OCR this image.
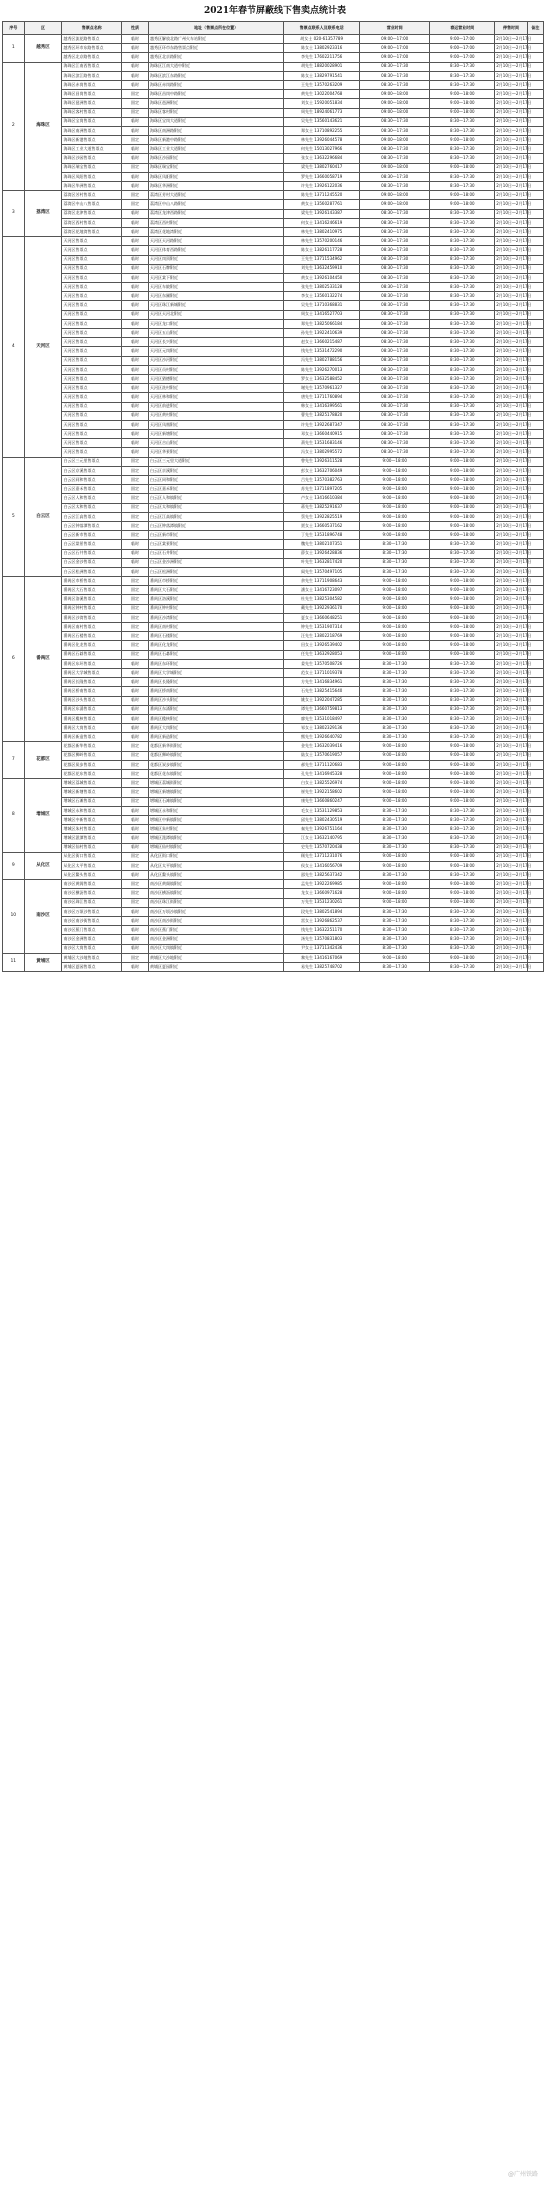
2021年春节屏蔽线下售卖点统计表
序号	区	售票点名称	性质	地址（售票点所在位置）	售票点联系人及联系电话	营业时间	春运营业时间	停售时间	备注
1	越秀区	越秀区流花路售票点	临时	越秀区解放北路广州火车站附近	胡女士 020-61357789	09:00—17:00	9:00—17:00	2月10日—2月17日	
		越秀区环市东路售票点	临时	越秀区环市东路售票点附近	陈女士 13802923316	09:00—17:00	9:00—17:00	2月10日—2月17日	
		越秀区北京路售票点	临时	越秀区北京路附近	李先生 17602211756	09:00—17:00	9:00—17:00	2月10日—2月17日	
2	海珠区	海珠区江南西售票点	临时	海珠区江南大道中附近	胡先生 18820028901	08:30—17:30	8:30—17:30	2月10日—2月17日	
		海珠区滨江路售票点	临时	海珠区滨江东路附近	陈女士 13829791541	08:30—17:30	8:30—17:30	2月10日—2月17日	
		海珠区赤岗售票点	临时	海珠区赤岗路附近	王先生 13570263209	08:30—17:30	8:30—17:30	2月10日—2月17日	
		海珠区昌岗售票点	固定	海珠区昌岗中路附近	黄先生 13022004768	09:00—18:00	9:00—18:00	2月10日—2月17日	
		海珠区琶洲售票点	固定	海珠区琶洲附近	刘女士 15920051834	09:00—18:00	9:00—18:00	2月10日—2月17日	
		海珠区客村售票点	固定	海珠区客村附近	周先生 18924061773	09:00—18:00	9:00—18:00	2月10日—2月17日	
		海珠区宝岗售票点	临时	海珠区宝岗大道附近	吴先生 13560143621	08:30—17:30	8:30—17:30	2月10日—2月17日	
		海珠区南洲售票点	临时	海珠区南洲路附近	郑女士 13710892255	08:30—17:30	8:30—17:30	2月10日—2月17日	
		海珠区新港售票点	固定	海珠区新港中路附近	林先生 13926044578	09:00—18:00	9:00—18:00	2月10日—2月17日	
		海珠区工业大道售票点	临时	海珠区工业大道附近	何先生 15013027966	08:30—17:30	8:30—17:30	2月10日—2月17日	
		海珠区沙园售票点	临时	海珠区沙园附近	张女士 13632296684	08:30—17:30	8:30—17:30	2月10日—2月17日	
		海珠区瑞宝售票点	固定	海珠区瑞宝附近	梁先生 13802760417	09:00—18:00	9:00—18:00	2月10日—2月17日	
		海珠区凤阳售票点	临时	海珠区凤阳附近	罗先生 13660058719	08:30—17:30	8:30—17:30	2月10日—2月17日	
		海珠区华洲售票点	临时	海珠区华洲附近	许先生 13926122036	08:30—17:30	8:30—17:30	2月10日—2月17日	
3	荔湾区	荔湾区芳村售票点	固定	荔湾区芳村大道附近	陈先生 13711245520	09:00—18:00	9:00—18:00	2月10日—2月17日	
		荔湾区中山八售票点	固定	荔湾区中山八路附近	黄女士 13560287761	09:00—18:00	9:00—18:00	2月10日—2月17日	
		荔湾区龙津售票点	临时	荔湾区龙津西路附近	梁先生 13926143387	08:30—17:30	8:30—17:30	2月10日—2月17日	
		荔湾区西村售票点	临时	荔湾区西村附近	何女士 13416246619	08:30—17:30	8:30—17:30	2月10日—2月17日	
		荔湾区花地湾售票点	临时	荔湾区花地湾附近	林先生 13802410975	08:30—17:30	8:30—17:30	2月10日—2月17日	
4	天河区	天河区售票点	临时	天河区天河路附近	林先生 13570200146	08:30—17:30	8:30—17:30	2月10日—2月17日	
		天河区售票点	临时	天河区体育西路附近	陈女士 13826117728	08:30—17:30	8:30—17:30	2月10日—2月17日	
		天河区售票点	临时	天河区岗顶附近	王先生 13711534962	08:30—17:30	8:30—17:30	2月10日—2月17日	
		天河区售票点	临时	天河区石牌附近	刘先生 13632459910	08:30—17:30	8:30—17:30	2月10日—2月17日	
		天河区售票点	临时	天河区棠下附近	黄女士 13926104450	08:30—17:30	8:30—17:30	2月10日—2月17日	
		天河区售票点	临时	天河区车陂附近	张先生 13802533128	08:30—17:30	8:30—17:30	2月10日—2月17日	
		天河区售票点	临时	天河区东圃附近	李女士 13560132274	08:30—17:30	8:30—17:30	2月10日—2月17日	
		天河区售票点	临时	天河区珠江新城附近	吴先生 13710368831	08:30—17:30	8:30—17:30	2月10日—2月17日	
		天河区售票点	临时	天河区天河北附近	周女士 13416527703	08:30—17:30	8:30—17:30	2月10日—2月17日	
		天河区售票点	临时	天河区龙口附近	郑先生 13825066184	08:30—17:30	8:30—17:30	2月10日—2月17日	
		天河区售票点	临时	天河区五山附近	孙先生 13922410639	08:30—17:30	8:30—17:30	2月10日—2月17日	
		天河区售票点	临时	天河区长兴附近	赵女士 13660215487	08:30—17:30	8:30—17:30	2月10日—2月17日	
		天河区售票点	临时	天河区元岗附近	钱先生 13531472290	08:30—17:30	8:30—17:30	2月10日—2月17日	
		天河区售票点	临时	天河区沙河附近	冯先生 13802788156	08:30—17:30	8:30—17:30	2月10日—2月17日	
		天河区售票点	临时	天河区员村附近	陈先生 13926270013	08:30—17:30	8:30—17:30	2月10日—2月17日	
		天河区售票点	临时	天河区猎德附近	罗女士 13632588452	08:30—17:30	8:30—17:30	2月10日—2月17日	
		天河区售票点	临时	天河区冼村附近	谢先生 13570961327	08:30—17:30	8:30—17:30	2月10日—2月17日	
		天河区售票点	临时	天河区林和附近	唐先生 13711760894	08:30—17:30	8:30—17:30	2月10日—2月17日	
		天河区售票点	临时	天河区前进附近	韩女士 13416399561	08:30—17:30	8:30—17:30	2月10日—2月17日	
		天河区售票点	临时	天河区黄村附近	曹先生 13825178820	08:30—17:30	8:30—17:30	2月10日—2月17日	
		天河区售票点	临时	天河区凤凰附近	许先生 13922687347	08:30—17:30	8:30—17:30	2月10日—2月17日	
		天河区售票点	临时	天河区新塘附近	邓女士 13660440915	08:30—17:30	8:30—17:30	2月10日—2月17日	
		天河区售票点	临时	天河区吉山附近	萧先生 13531683146	08:30—17:30	8:30—17:30	2月10日—2月17日	
		天河区售票点	临时	天河区华景附近	冯女士 13802995572	08:30—17:30	8:30—17:30	2月10日—2月17日	
5	白云区	白云区三元里售票点	固定	白云区三元里大道附近	曾先生 13926311528	9:00—18:00	9:00—18:00	2月10日—2月17日	
		白云区京溪售票点	固定	白云区京溪附近	彭女士 13632706049	9:00—18:00	9:00—18:00	2月10日—2月17日	
		白云区同和售票点	固定	白云区同和附近	吕先生 13570382763	9:00—18:00	9:00—18:00	2月10日—2月17日	
		白云区嘉禾售票点	固定	白云区嘉禾附近	苏先生 13711897205	9:00—18:00	9:00—18:00	2月10日—2月17日	
		白云区人和售票点	固定	白云区人和镇附近	卢女士 13416610384	9:00—18:00	9:00—18:00	2月10日—2月17日	
		白云区太和售票点	固定	白云区太和镇附近	蒋先生 13825291637	9:00—18:00	9:00—18:00	2月10日—2月17日	
		白云区江高售票点	固定	白云区江高镇附近	蔡先生 13922825519	9:00—18:00	9:00—18:00	2月10日—2月17日	
		白云区钟落潭售票点	固定	白云区钟落潭镇附近	贾女士 13660537162	9:00—18:00	9:00—18:00	2月10日—2月17日	
		白云区新市售票点	固定	白云区新市附近	丁先生 13531896748	9:00—18:00	9:00—18:00	2月10日—2月17日	
		白云区棠景售票点	临时	白云区棠景附近	魏先生 13802107351	8:30—17:30	8:30—17:30	2月10日—2月17日	
		白云区石井售票点	临时	白云区石井附近	薛女士 13926428836	8:30—17:30	8:30—17:30	2月10日—2月17日	
		白云区金沙售票点	临时	白云区金沙洲附近	叶先生 13632817420	8:30—17:30	8:30—17:30	2月10日—2月17日	
		白云区松洲售票点	临时	白云区松洲附近	阎先生 13570497105	8:30—17:30	8:30—17:30	2月10日—2月17日	
6	番禺区	番禺区市桥售票点	固定	番禺区市桥附近	余先生 13711908643	9:00—18:00	9:00—18:00	2月10日—2月17日	
		番禺区大石售票点	固定	番禺区大石附近	潘女士 13416723097	9:00—18:00	9:00—18:00	2月10日—2月17日	
		番禺区洛溪售票点	固定	番禺区洛溪附近	杜先生 13825304582	9:00—18:00	9:00—18:00	2月10日—2月17日	
		番禺区钟村售票点	固定	番禺区钟村附近	戴先生 13922936170	9:00—18:00	9:00—18:00	2月10日—2月17日	
		番禺区沙湾售票点	固定	番禺区沙湾附近	夏女士 13660648251	9:00—18:00	9:00—18:00	2月10日—2月17日	
		番禺区南村售票点	固定	番禺区南村附近	钟先生 13531907314	9:00—18:00	9:00—18:00	2月10日—2月17日	
		番禺区石楼售票点	固定	番禺区石楼附近	汪先生 13802218769	9:00—18:00	9:00—18:00	2月10日—2月17日	
		番禺区化龙售票点	固定	番禺区化龙附近	田女士 13926539402	9:00—18:00	9:00—18:00	2月10日—2月17日	
		番禺区石碁售票点	固定	番禺区石碁附近	任先生 13632928053	9:00—18:00	9:00—18:00	2月10日—2月17日	
		番禺区东环售票点	临时	番禺区东环附近	姜先生 13570508726	8:30—17:30	8:30—17:30	2月10日—2月17日	
		番禺区大学城售票点	临时	番禺区大学城附近	范女士 13711019378	8:30—17:30	8:30—17:30	2月10日—2月17日	
		番禺区长隆售票点	临时	番禺区长隆附近	方先生 13416834961	8:30—17:30	8:30—17:30	2月10日—2月17日	
		番禺区桥南售票点	临时	番禺区桥南附近	石先生 13825415640	8:30—17:30	8:30—17:30	2月10日—2月17日	
		番禺区沙头售票点	临时	番禺区沙头附近	姚女士 13922047285	8:30—17:30	8:30—17:30	2月10日—2月17日	
		番禺区东涌售票点	临时	番禺区东涌附近	谭先生 13660759813	8:30—17:30	8:30—17:30	2月10日—2月17日	
		番禺区榄核售票点	临时	番禺区榄核附近	廖先生 13531018497	8:30—17:30	8:30—17:30	2月10日—2月17日	
		番禺区大岗售票点	临时	番禺区大岗附近	邹女士 13802329136	8:30—17:30	8:30—17:30	2月10日—2月17日	
		番禺区新造售票点	临时	番禺区新造附近	熊先生 13926640782	8:30—17:30	8:30—17:30	2月10日—2月17日	
7	花都区	花都区新华售票点	固定	花都区新华街附近	金先生 13632039416	9:00—18:00	9:00—18:00	2月10日—2月17日	
		花都区狮岭售票点	固定	花都区狮岭镇附近	陆女士 13570619057	9:00—18:00	9:00—18:00	2月10日—2月17日	
		花都区炭步售票点	固定	花都区炭步镇附近	郝先生 13711120683	9:00—18:00	9:00—18:00	2月10日—2月17日	
		花都区花东售票点	固定	花都区花东镇附近	孔先生 13416945328	9:00—18:00	9:00—18:00	2月10日—2月17日	
8	增城区	增城区荔城售票点	固定	增城区荔城街附近	白女士 13825526974	9:00—18:00	9:00—18:00	2月10日—2月17日	
		增城区新塘售票点	固定	增城区新塘镇附近	崔先生 13922158602	9:00—18:00	9:00—18:00	2月10日—2月17日	
		增城区石滩售票点	固定	增城区石滩镇附近	康先生 13660860247	9:00—18:00	9:00—18:00	2月10日—2月17日	
		增城区永和售票点	临时	增城区永和附近	毛女士 13531129853	8:30—17:30	8:30—17:30	2月10日—2月17日	
		增城区中新售票点	临时	增城区中新镇附近	邱先生 13802430519	8:30—17:30	8:30—17:30	2月10日—2月17日	
		增城区朱村售票点	临时	增城区朱村附近	秦先生 13926751164	8:30—17:30	8:30—17:30	2月10日—2月17日	
		增城区派潭售票点	临时	增城区派潭镇附近	江女士 13632140795	8:30—17:30	8:30—17:30	2月10日—2月17日	
		增城区仙村售票点	临时	增城区仙村镇附近	史先生 13570720438	8:30—17:30	8:30—17:30	2月10日—2月17日	
9	从化区	从化区街口售票点	固定	从化区街口附近	顾先生 13711231076	9:00—18:00	9:00—18:00	2月10日—2月17日	
		从化区太平售票点	固定	从化区太平镇附近	侯女士 13416056709	9:00—18:00	9:00—18:00	2月10日—2月17日	
		从化区鳌头售票点	临时	从化区鳌头镇附近	邵先生 13825637342	8:30—17:30	8:30—17:30	2月10日—2月17日	
10	南沙区	南沙区黄阁售票点	固定	南沙区黄阁镇附近	孟先生 13922269985	9:00—18:00	9:00—18:00	2月10日—2月17日	
		南沙区横沥售票点	固定	南沙区横沥镇附近	龙女士 13660971628	9:00—18:00	9:00—18:00	2月10日—2月17日	
		南沙区珠江售票点	固定	南沙区珠江街附近	万先生 13531230261	9:00—18:00	9:00—18:00	2月10日—2月17日	
		南沙区万顷沙售票点	临时	南沙区万顷沙镇附近	段先生 13802541894	8:30—17:30	8:30—17:30	2月10日—2月17日	
		南沙区南沙街售票点	临时	南沙区南沙街附近	雷女士 13926862537	8:30—17:30	8:30—17:30	2月10日—2月17日	
		南沙区蕉门售票点	临时	南沙区蕉门附近	钱先生 13632251170	8:30—17:30	8:30—17:30	2月10日—2月17日	
		南沙区金洲售票点	临时	南沙区金洲附近	汤先生 13570831803	8:30—17:30	8:30—17:30	2月10日—2月17日	
		南沙区大岗售票点	临时	南沙区大岗镇附近	尹女士 13711342436	8:30—17:30	8:30—17:30	2月10日—2月17日	
11	黄埔区	黄埔区大沙地售票点	固定	黄埔区大沙地附近	黎先生 13416167069	9:00—18:00	9:00—18:00	2月10日—2月17日	
		黄埔区夏园售票点	临时	黄埔区夏园附近	易先生 13825748702	8:30—17:30	8:30—17:30	2月10日—2月17日	
@广州铁路
